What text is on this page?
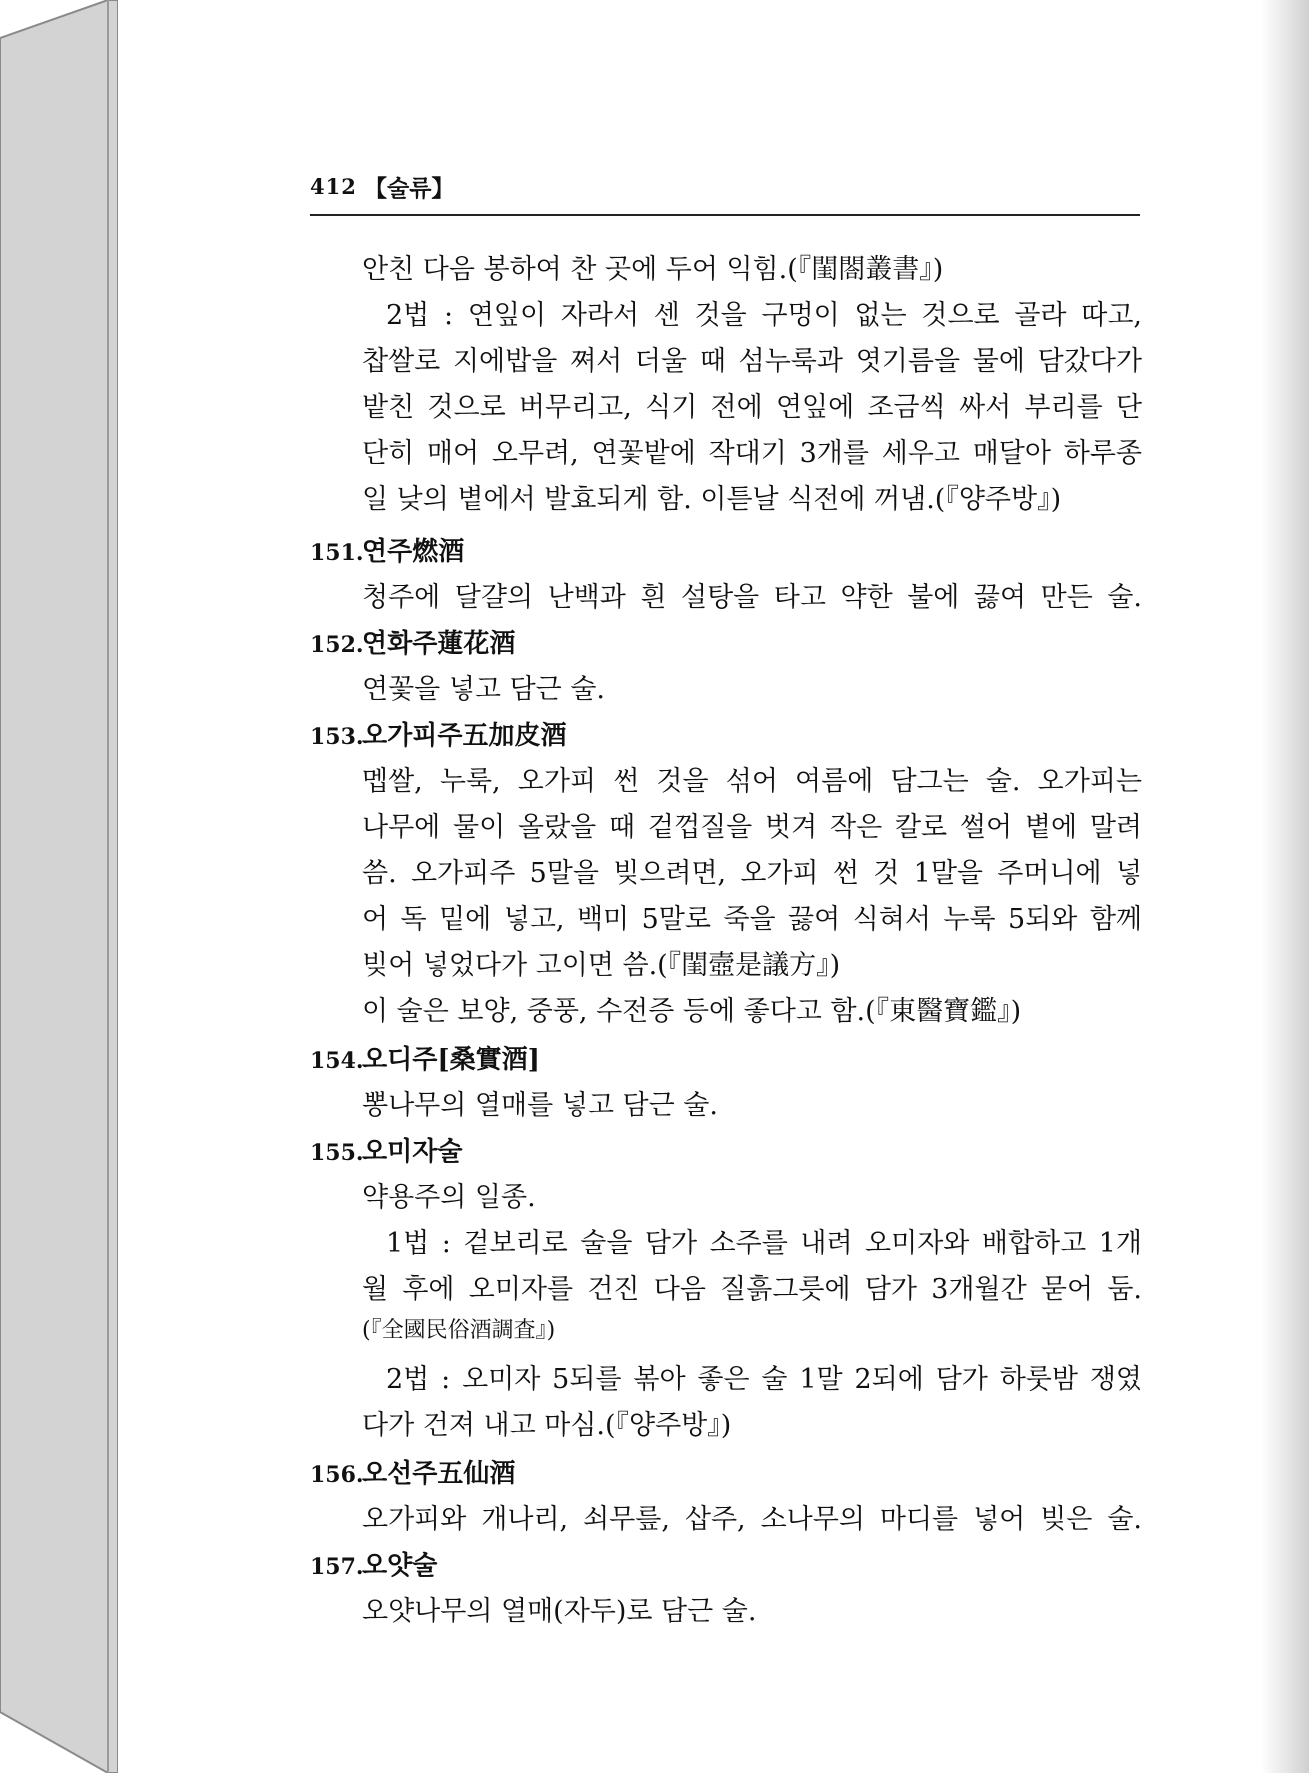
412 【술류】
안친 다음 봉하여 찬 곳에 두어 익힘.(『閨閤叢書』)
2법 : 연잎이 자라서 센 것을 구멍이 없는 것으로 골라 따고,
찹쌀로 지에밥을 쪄서 더울 때 섬누룩과 엿기름을 물에 담갔다가
밭친 것으로 버무리고, 식기 전에 연잎에 조금씩 싸서 부리를 단
단히 매어 오무려, 연꽃밭에 작대기 3개를 세우고 매달아 하루종
일 낮의 볕에서 발효되게 함. 이튿날 식전에 꺼냄.(『양주방』)
151.연주燃酒
청주에 달걀의 난백과 흰 설탕을 타고 약한 불에 끓여 만든 술.
152.연화주蓮花酒
연꽃을 넣고 담근 술.
153.오가피주五加皮酒
멥쌀, 누룩, 오가피 썬 것을 섞어 여름에 담그는 술. 오가피는
나무에 물이 올랐을 때 겉껍질을 벗겨 작은 칼로 썰어 볕에 말려
씀. 오가피주 5말을 빚으려면, 오가피 썬 것 1말을 주머니에 넣
어 독 밑에 넣고, 백미 5말로 죽을 끓여 식혀서 누룩 5되와 함께
빚어 넣었다가 고이면 씀.(『閨壼是議方』)
이 술은 보양, 중풍, 수전증 등에 좋다고 함.(『東醫寶鑑』)
154.오디주[桑實酒]
뽕나무의 열매를 넣고 담근 술.
155.오미자술
약용주의 일종.
1법 : 겉보리로 술을 담가 소주를 내려 오미자와 배합하고 1개
월 후에 오미자를 건진 다음 질흙그릇에 담가 3개월간 묻어 둠.
(『全國民俗酒調査』)
2법 : 오미자 5되를 볶아 좋은 술 1말 2되에 담가 하룻밤 쟁였
다가 건져 내고 마심.(『양주방』)
156.오선주五仙酒
오가피와 개나리, 쇠무릎, 삽주, 소나무의 마디를 넣어 빚은 술.
157.오얏술
오얏나무의 열매(자두)로 담근 술.
